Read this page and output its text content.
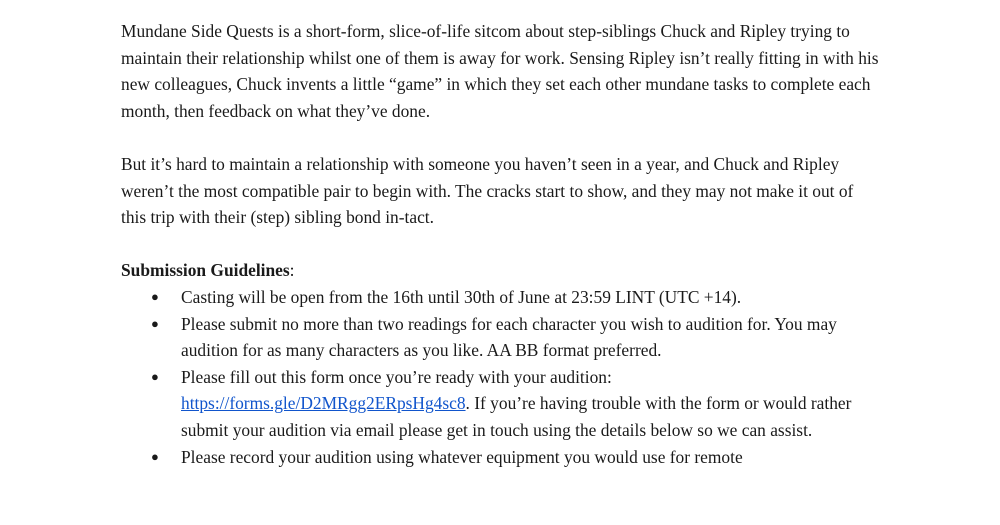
Mundane Side Quests is a short-form, slice-of-life sitcom about step-siblings Chuck and Ripley trying to maintain their relationship whilst one of them is away for work. Sensing Ripley isn’t really fitting in with his new colleagues, Chuck invents a little “game” in which they set each other mundane tasks to complete each month, then feedback on what they’ve done.

But it’s hard to maintain a relationship with someone you haven’t seen in a year, and Chuck and Ripley weren’t the most compatible pair to begin with. The cracks start to show, and they may not make it out of this trip with their (step) sibling bond in-tact.

Submission Guidelines:
● Casting will be open from the 16th until 30th of June at 23:59 LINT (UTC +14).
● Please submit no more than two readings for each character you wish to audition for. You may audition for as many characters as you like. AA BB format preferred.
● Please fill out this form once you’re ready with your audition: https://forms.gle/D2MRgg2ERpsHg4sc8. If you’re having trouble with the form or would rather submit your audition via email please get in touch using the details below so we can assist.
● Please record your audition using whatever equipment you would use for remote
